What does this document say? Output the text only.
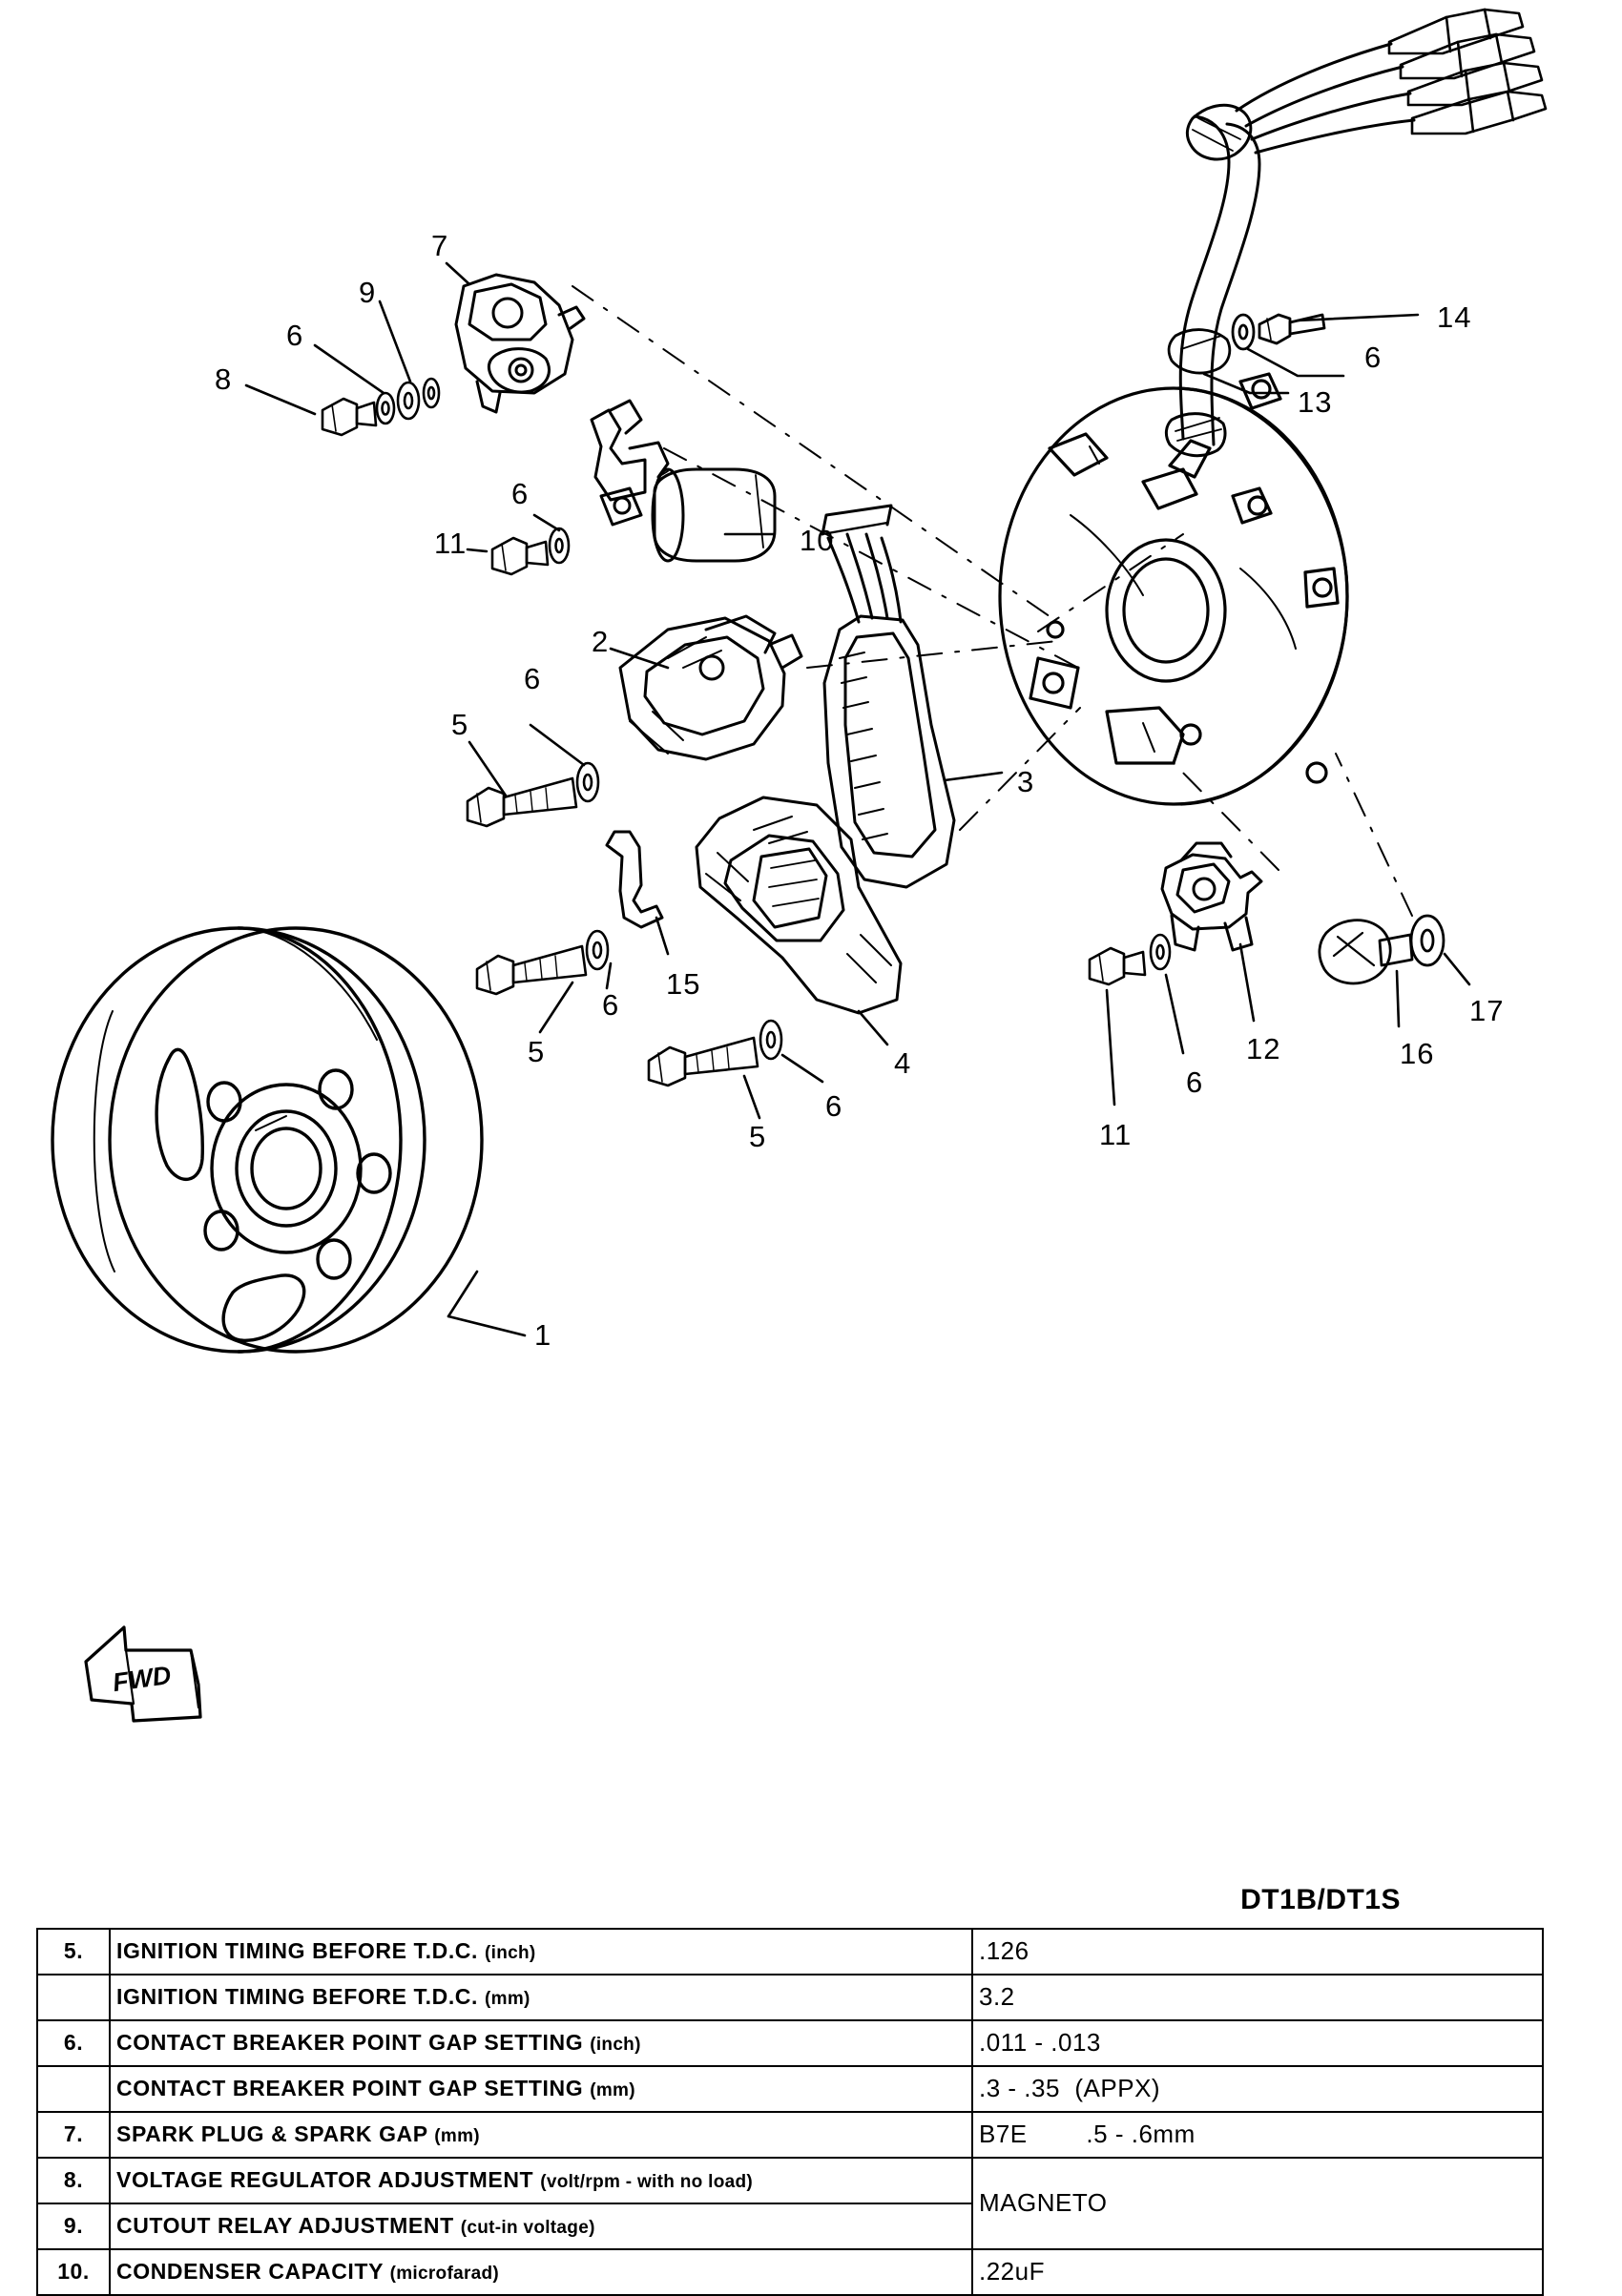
1
2
3
4
5
5
5
6
6
6
6
6
6
6
7
8
9
10
11
11
12
13
14
15
16
17
FWD
DT1B/DT1S
5.	IGNITION TIMING BEFORE T.D.C. (inch)	.126
	IGNITION TIMING BEFORE T.D.C. (mm)	3.2
6.	CONTACT BREAKER POINT GAP SETTING (inch)	.011 - .013
	CONTACT BREAKER POINT GAP SETTING (mm)	.3 - .35  (APPX)
7.	SPARK PLUG & SPARK GAP (mm)	B7E        .5 - .6mm
8.	VOLTAGE REGULATOR ADJUSTMENT (volt/rpm - with no load)	MAGNETO
9.	CUTOUT RELAY ADJUSTMENT (cut-in voltage)	
10.	CONDENSER CAPACITY (microfarad)	.22uF
